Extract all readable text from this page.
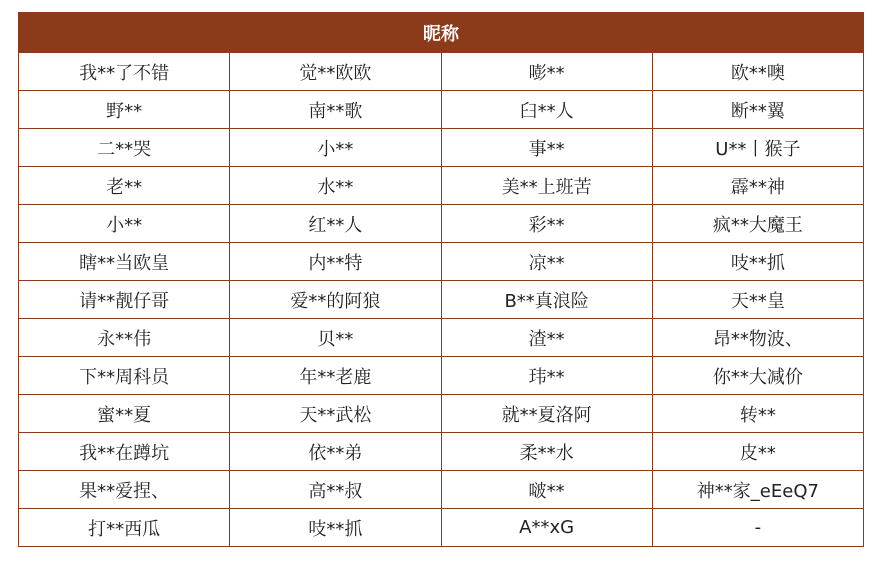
昵称			
我**了不错	觉**欧欧	嘭**	欧**噢
野**	南**歌	臼**人	断**翼
二**哭	小**	事**	U**丨猴子
老**	水**	美**上班苦	霹**神
小**	红**人	彩**	疯**大魔王
瞎**当欧皇	内**特	凉**	吱**抓
请**靓仔哥	爱**的阿狼	B**真浪险	天**皇
永**伟	贝**	渣**	昂**物波、
下**周科员	年**老鹿	玮**	你**大减价
蜜**夏	天**武松	就**夏洛阿	转**
我**在蹲坑	依**弟	柔**水	皮**
果**爱捏、	高**叔	啵**	神**家_eEeQ7
打**西瓜	吱**抓	A**xG	-
